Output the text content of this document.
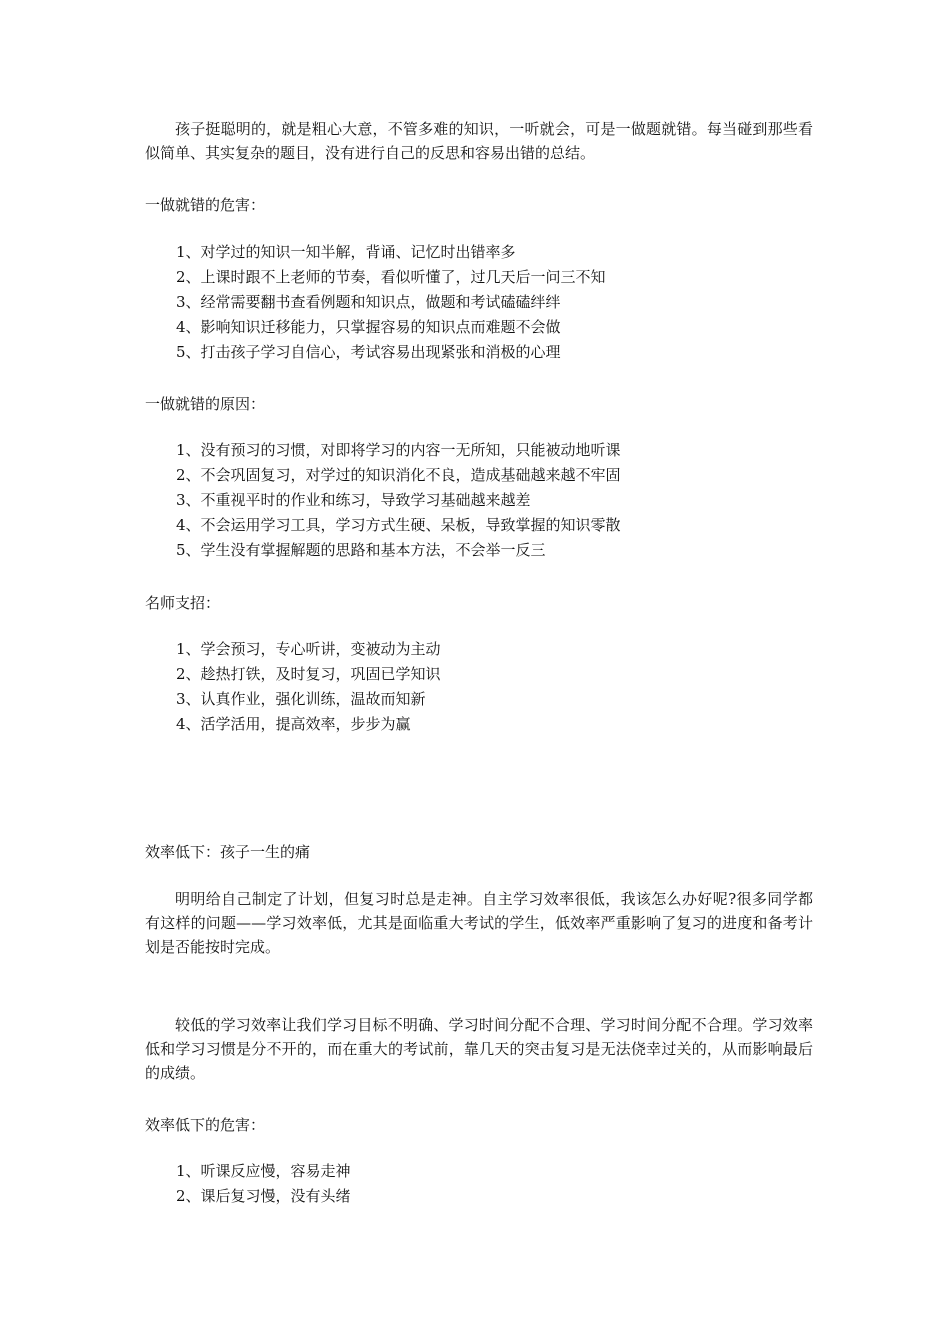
孩子挺聪明的，就是粗心大意，不管多难的知识，一听就会，可是一做题就错。每当碰到那些看似简单、其实复杂的题目，没有进行自己的反思和容易出错的总结。

一做就错的危害：

1、对学过的知识一知半解，背诵、记忆时出错率多
2、上课时跟不上老师的节奏，看似听懂了，过几天后一问三不知
3、经常需要翻书查看例题和知识点，做题和考试磕磕绊绊
4、影响知识迁移能力，只掌握容易的知识点而难题不会做
5、打击孩子学习自信心，考试容易出现紧张和消极的心理

一做就错的原因：

1、没有预习的习惯，对即将学习的内容一无所知，只能被动地听课
2、不会巩固复习，对学过的知识消化不良，造成基础越来越不牢固
3、不重视平时的作业和练习，导致学习基础越来越差
4、不会运用学习工具，学习方式生硬、呆板，导致掌握的知识零散
5、学生没有掌握解题的思路和基本方法，不会举一反三

名师支招：

1、学会预习，专心听讲，变被动为主动
2、趁热打铁，及时复习，巩固已学知识
3、认真作业，强化训练，温故而知新
4、活学活用，提高效率，步步为赢

效率低下：孩子一生的痛

明明给自己制定了计划，但复习时总是走神。自主学习效率很低，我该怎么办好呢?很多同学都有这样的问题——学习效率低，尤其是面临重大考试的学生，低效率严重影响了复习的进度和备考计划是否能按时完成。

较低的学习效率让我们学习目标不明确、学习时间分配不合理、学习时间分配不合理。学习效率低和学习习惯是分不开的，而在重大的考试前，靠几天的突击复习是无法侥幸过关的，从而影响最后的成绩。

效率低下的危害：

1、听课反应慢，容易走神
2、课后复习慢，没有头绪
